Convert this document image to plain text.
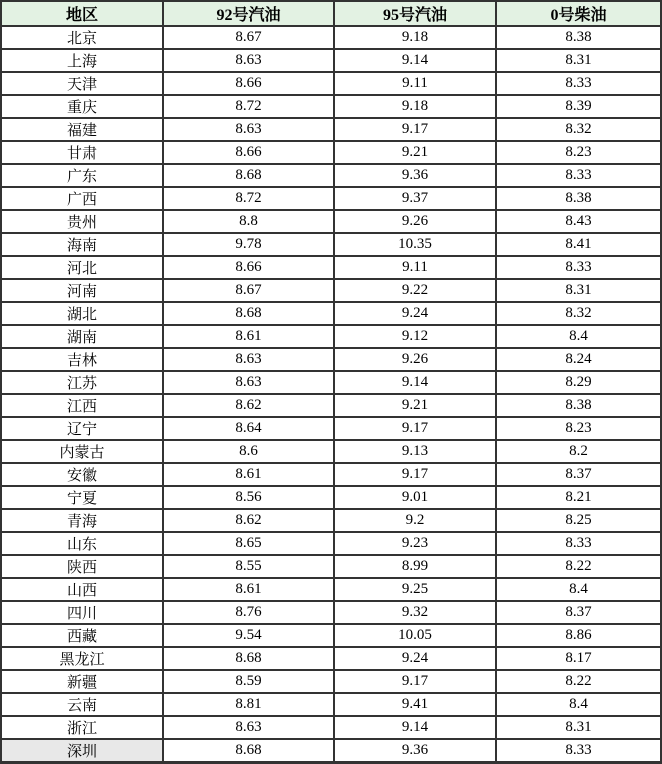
地区	92号汽油	95号汽油	0号柴油
北京	8.67	9.18	8.38
上海	8.63	9.14	8.31
天津	8.66	9.11	8.33
重庆	8.72	9.18	8.39
福建	8.63	9.17	8.32
甘肃	8.66	9.21	8.23
广东	8.68	9.36	8.33
广西	8.72	9.37	8.38
贵州	8.8	9.26	8.43
海南	9.78	10.35	8.41
河北	8.66	9.11	8.33
河南	8.67	9.22	8.31
湖北	8.68	9.24	8.32
湖南	8.61	9.12	8.4
吉林	8.63	9.26	8.24
江苏	8.63	9.14	8.29
江西	8.62	9.21	8.38
辽宁	8.64	9.17	8.23
内蒙古	8.6	9.13	8.2
安徽	8.61	9.17	8.37
宁夏	8.56	9.01	8.21
青海	8.62	9.2	8.25
山东	8.65	9.23	8.33
陕西	8.55	8.99	8.22
山西	8.61	9.25	8.4
四川	8.76	9.32	8.37
西藏	9.54	10.05	8.86
黑龙江	8.68	9.24	8.17
新疆	8.59	9.17	8.22
云南	8.81	9.41	8.4
浙江	8.63	9.14	8.31
深圳	8.68	9.36	8.33
